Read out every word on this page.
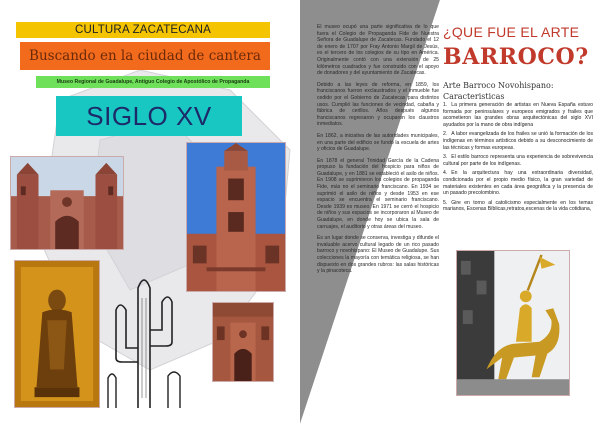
CULTURA ZACATECANA
Buscando en la ciudad de cantera
Museo Regional de Guadalupe, Antiguo Colegio de Apostólico de Propaganda
SIGLO XV

El museo ocupó una parte significativa de lo que fuera el Colegio de Propaganda Fide de Nuestra Señora de Guadalupe de Zacatecas. Fundado el 12 de enero de 1707 por Fray Antonio Margil de Jesús, es el tercero de los colegios de su tipo en América. Originalmente contó con una extensión de 25 kilómetros cuadrados y fue construido con el apoyo de donadores y del ayuntamiento de Zacatecas.

Debido a las leyes de reforma, en 1859, los franciscanos fueron exclaustrados y el inmueble fue cedido por el Gobierno de Zacatecas para distintos usos. Cumplió las funciones de vecindad, cabaña y fábrica de cerillos. Años después algunos franciscanos regresaron y ocuparon los claustros inmediatos.

En 1862, a iniciativa de las autoridades municipales, en una parte del edificio se fundó la escuela de artes y oficios de Guadalupe.

En 1878 el general Trinidad García de la Cadena propuso la fundación del hospicio para niños de Guadalupe, y en 1881 se estableció el asilo de niños. En 1908 se suprimieron los colegios de propaganda Fide, más no el seminario franciscano. En 1934 se suprimió el asilo de niños y desde 1953 en ese espacio se encuentra el seminario franciscano. Desde 1939 es museo. En 1971 se cerró el hospicio de niños y sus espacios se incorporaron al Museo de Guadalupe, en donde hoy se ubica la sala de carruajes, el auditorio y otras áreas del museo.

Es un lugar donde se conserva, investiga y difunde el invaluable acervo cultural legado de un rico pasado barroco y novohispano: El Museo de Guadalupe. Sus colecciones la mayoría con temática religiosa, se han dispuesto en dos grandes rubros: las salas históricas y la pinacoteca.

¿QUE FUE EL ARTE
BARROCO?
Arte Barroco Novohispano:
Caracteristicas

1. La primera generación de artistas en Nueva España estuvo formada por peninsulares y europeos emigrados y frailes que acometieron las grandes obras arquitectónicas del siglo XVI ayudados por la mano de obra indígena

2. A labor evangelizada de los frailes se unió la formación de los indígenas en términos artísticos debido a su desconocimiento de las técnicas y formas europeas.

3. El estilo barroco representa una experiencia de sobrevivencia cultural por parte de los indígenas.

4. En la arquitectura hay una extraordinaria diversidad, condicionada por el propio medio físico, la gran variedad de materiales existentes en cada área geográfica y la presencia de un pasado precolombino.

5. Gire en torno al catolicismo especialmente en los temas marianos, Escenas Bíblicas,retratos,escenas de la vida cotidiana,
